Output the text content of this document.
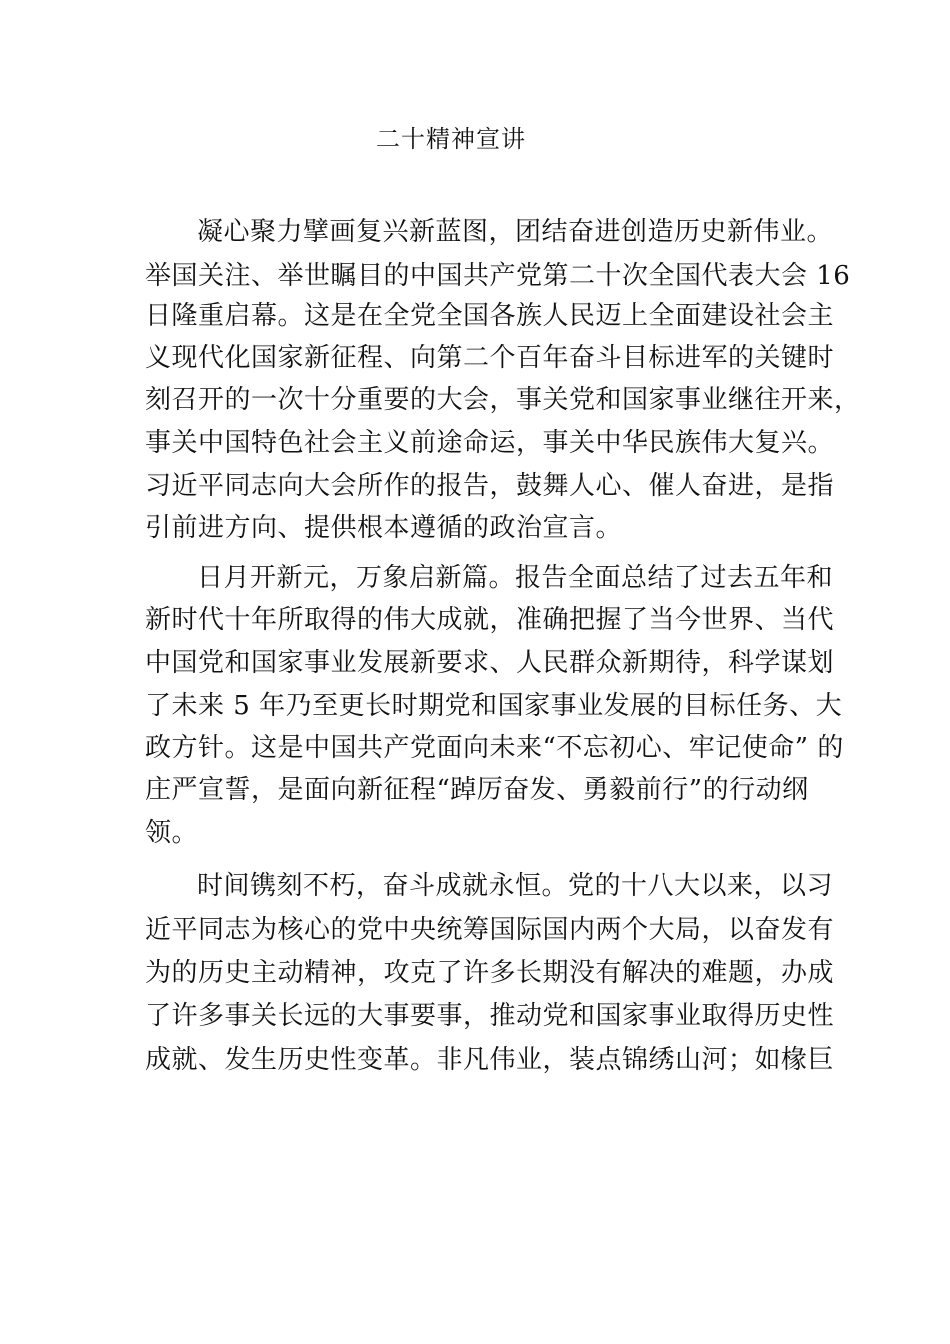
二十精神宣讲
凝心聚力擘画复兴新蓝图，团结奋进创造历史新伟业。
举国关注、举世瞩目的中国共产党第二十次全国代表大会 16
日隆重启幕。这是在全党全国各族人民迈上全面建设社会主
义现代化国家新征程、向第二个百年奋斗目标进军的关键时
刻召开的一次十分重要的大会，事关党和国家事业继往开来，
事关中国特色社会主义前途命运，事关中华民族伟大复兴。
习近平同志向大会所作的报告，鼓舞人心、催人奋进，是指
引前进方向、提供根本遵循的政治宣言。
日月开新元，万象启新篇。报告全面总结了过去五年和
新时代十年所取得的伟大成就，准确把握了当今世界、当代
中国党和国家事业发展新要求、人民群众新期待，科学谋划
了未来 5 年乃至更长时期党和国家事业发展的目标任务、大
政方针。这是中国共产党面向未来“不忘初心、牢记使命” 的
庄严宣誓，是面向新征程“踔厉奋发、勇毅前行”的行动纲
领。
时间镌刻不朽，奋斗成就永恒。党的十八大以来，以习
近平同志为核心的党中央统筹国际国内两个大局，以奋发有
为的历史主动精神，攻克了许多长期没有解决的难题，办成
了许多事关长远的大事要事，推动党和国家事业取得历史性
成就、发生历史性变革。非凡伟业，装点锦绣山河；如椽巨
